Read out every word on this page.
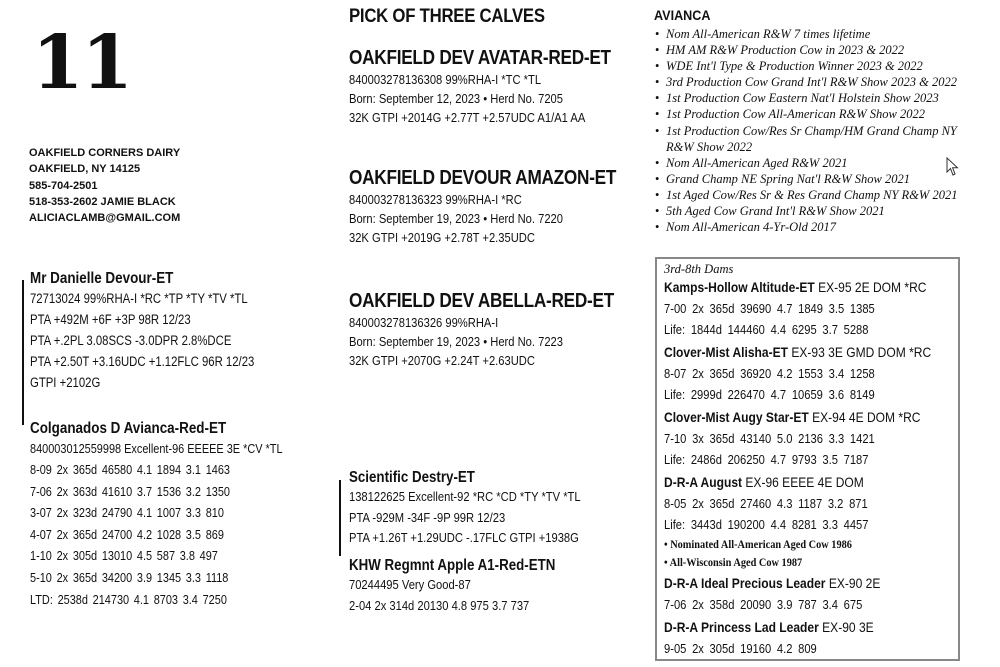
11
OAKFIELD CORNERS DAIRY
OAKFIELD, NY 14125
585-704-2501
518-353-2602 JAMIE BLACK
ALICIACLAMB@GMAIL.COM
Mr Danielle Devour-ET
72713024 99%RHA-I *RC *TP *TY *TV *TL
PTA +492M +6F +3P 98R 12/23
PTA +.2PL 3.08SCS -3.0DPR 2.8%DCE
PTA +2.50T +3.16UDC +1.12FLC 96R 12/23
GTPI +2102G
Colganados D Avianca-Red-ET
840003012559998 Excellent-96 EEEEE 3E *CV *TL
8-09 2x 365d 46580 4.1 1894 3.1 1463
7-06 2x 363d 41610 3.7 1536 3.2 1350
3-07 2x 323d 24790 4.1 1007 3.3 810
4-07 2x 365d 24700 4.2 1028 3.5 869
1-10 2x 305d 13010 4.5 587 3.8 497
5-10 2x 365d 34200 3.9 1345 3.3 1118
LTD: 2538d 214730 4.1 8703 3.4 7250
PICK OF THREE CALVES
OAKFIELD DEV AVATAR-RED-ET
840003278136308 99%RHA-I *TC *TL
Born: September 12, 2023 • Herd No. 7205
32K GTPI +2014G +2.77T +2.57UDC A1/A1 AA
OAKFIELD DEVOUR AMAZON-ET
840003278136323 99%RHA-I *RC
Born: September 19, 2023 • Herd No. 7220
32K GTPI +2019G +2.78T +2.35UDC
OAKFIELD DEV ABELLA-RED-ET
840003278136326 99%RHA-I
Born: September 19, 2023 • Herd No. 7223
32K GTPI +2070G +2.24T +2.63UDC
Scientific Destry-ET
138122625 Excellent-92 *RC *CD *TY *TV *TL
PTA -929M -34F -9P 99R 12/23
PTA +1.26T +1.29UDC -.17FLC GTPI +1938G
KHW Regmnt Apple A1-Red-ETN
70244495 Very Good-87
2-04 2x 314d 20130 4.8 975 3.7 737
AVIANCA
• Nom All-American R&W 7 times lifetime
• HM AM R&W Production Cow in 2023 & 2022
• WDE Int'l Type & Production Winner 2023 & 2022
• 3rd Production Cow Grand Int'l R&W Show 2023 & 2022
• 1st Production Cow Eastern Nat'l Holstein Show 2023
• 1st Production Cow All-American R&W Show 2022
• 1st Production Cow/Res Sr Champ/HM Grand Champ NY
R&W Show 2022
• Nom All-American Aged R&W 2021
• Grand Champ NE Spring Nat'l R&W Show 2021
• 1st Aged Cow/Res Sr & Res Grand Champ NY R&W 2021
• 5th Aged Cow Grand Int'l R&W Show 2021
• Nom All-American 4-Yr-Old 2017
3rd-8th Dams
Kamps-Hollow Altitude-ET EX-95 2E DOM *RC
7-00 2x 365d 39690 4.7 1849 3.5 1385
Life: 1844d 144460 4.4 6295 3.7 5288
Clover-Mist Alisha-ET EX-93 3E GMD DOM *RC
8-07 2x 365d 36920 4.2 1553 3.4 1258
Life: 2999d 226470 4.7 10659 3.6 8149
Clover-Mist Augy Star-ET EX-94 4E DOM *RC
7-10 3x 365d 43140 5.0 2136 3.3 1421
Life: 2486d 206250 4.7 9793 3.5 7187
D-R-A August EX-96 EEEE 4E DOM
8-05 2x 365d 27460 4.3 1187 3.2 871
Life: 3443d 190200 4.4 8281 3.3 4457
• Nominated All-American Aged Cow 1986
• All-Wisconsin Aged Cow 1987
D-R-A Ideal Precious Leader EX-90 2E
7-06 2x 358d 20090 3.9 787 3.4 675
D-R-A Princess Lad Leader EX-90 3E
9-05 2x 305d 19160 4.2 809
